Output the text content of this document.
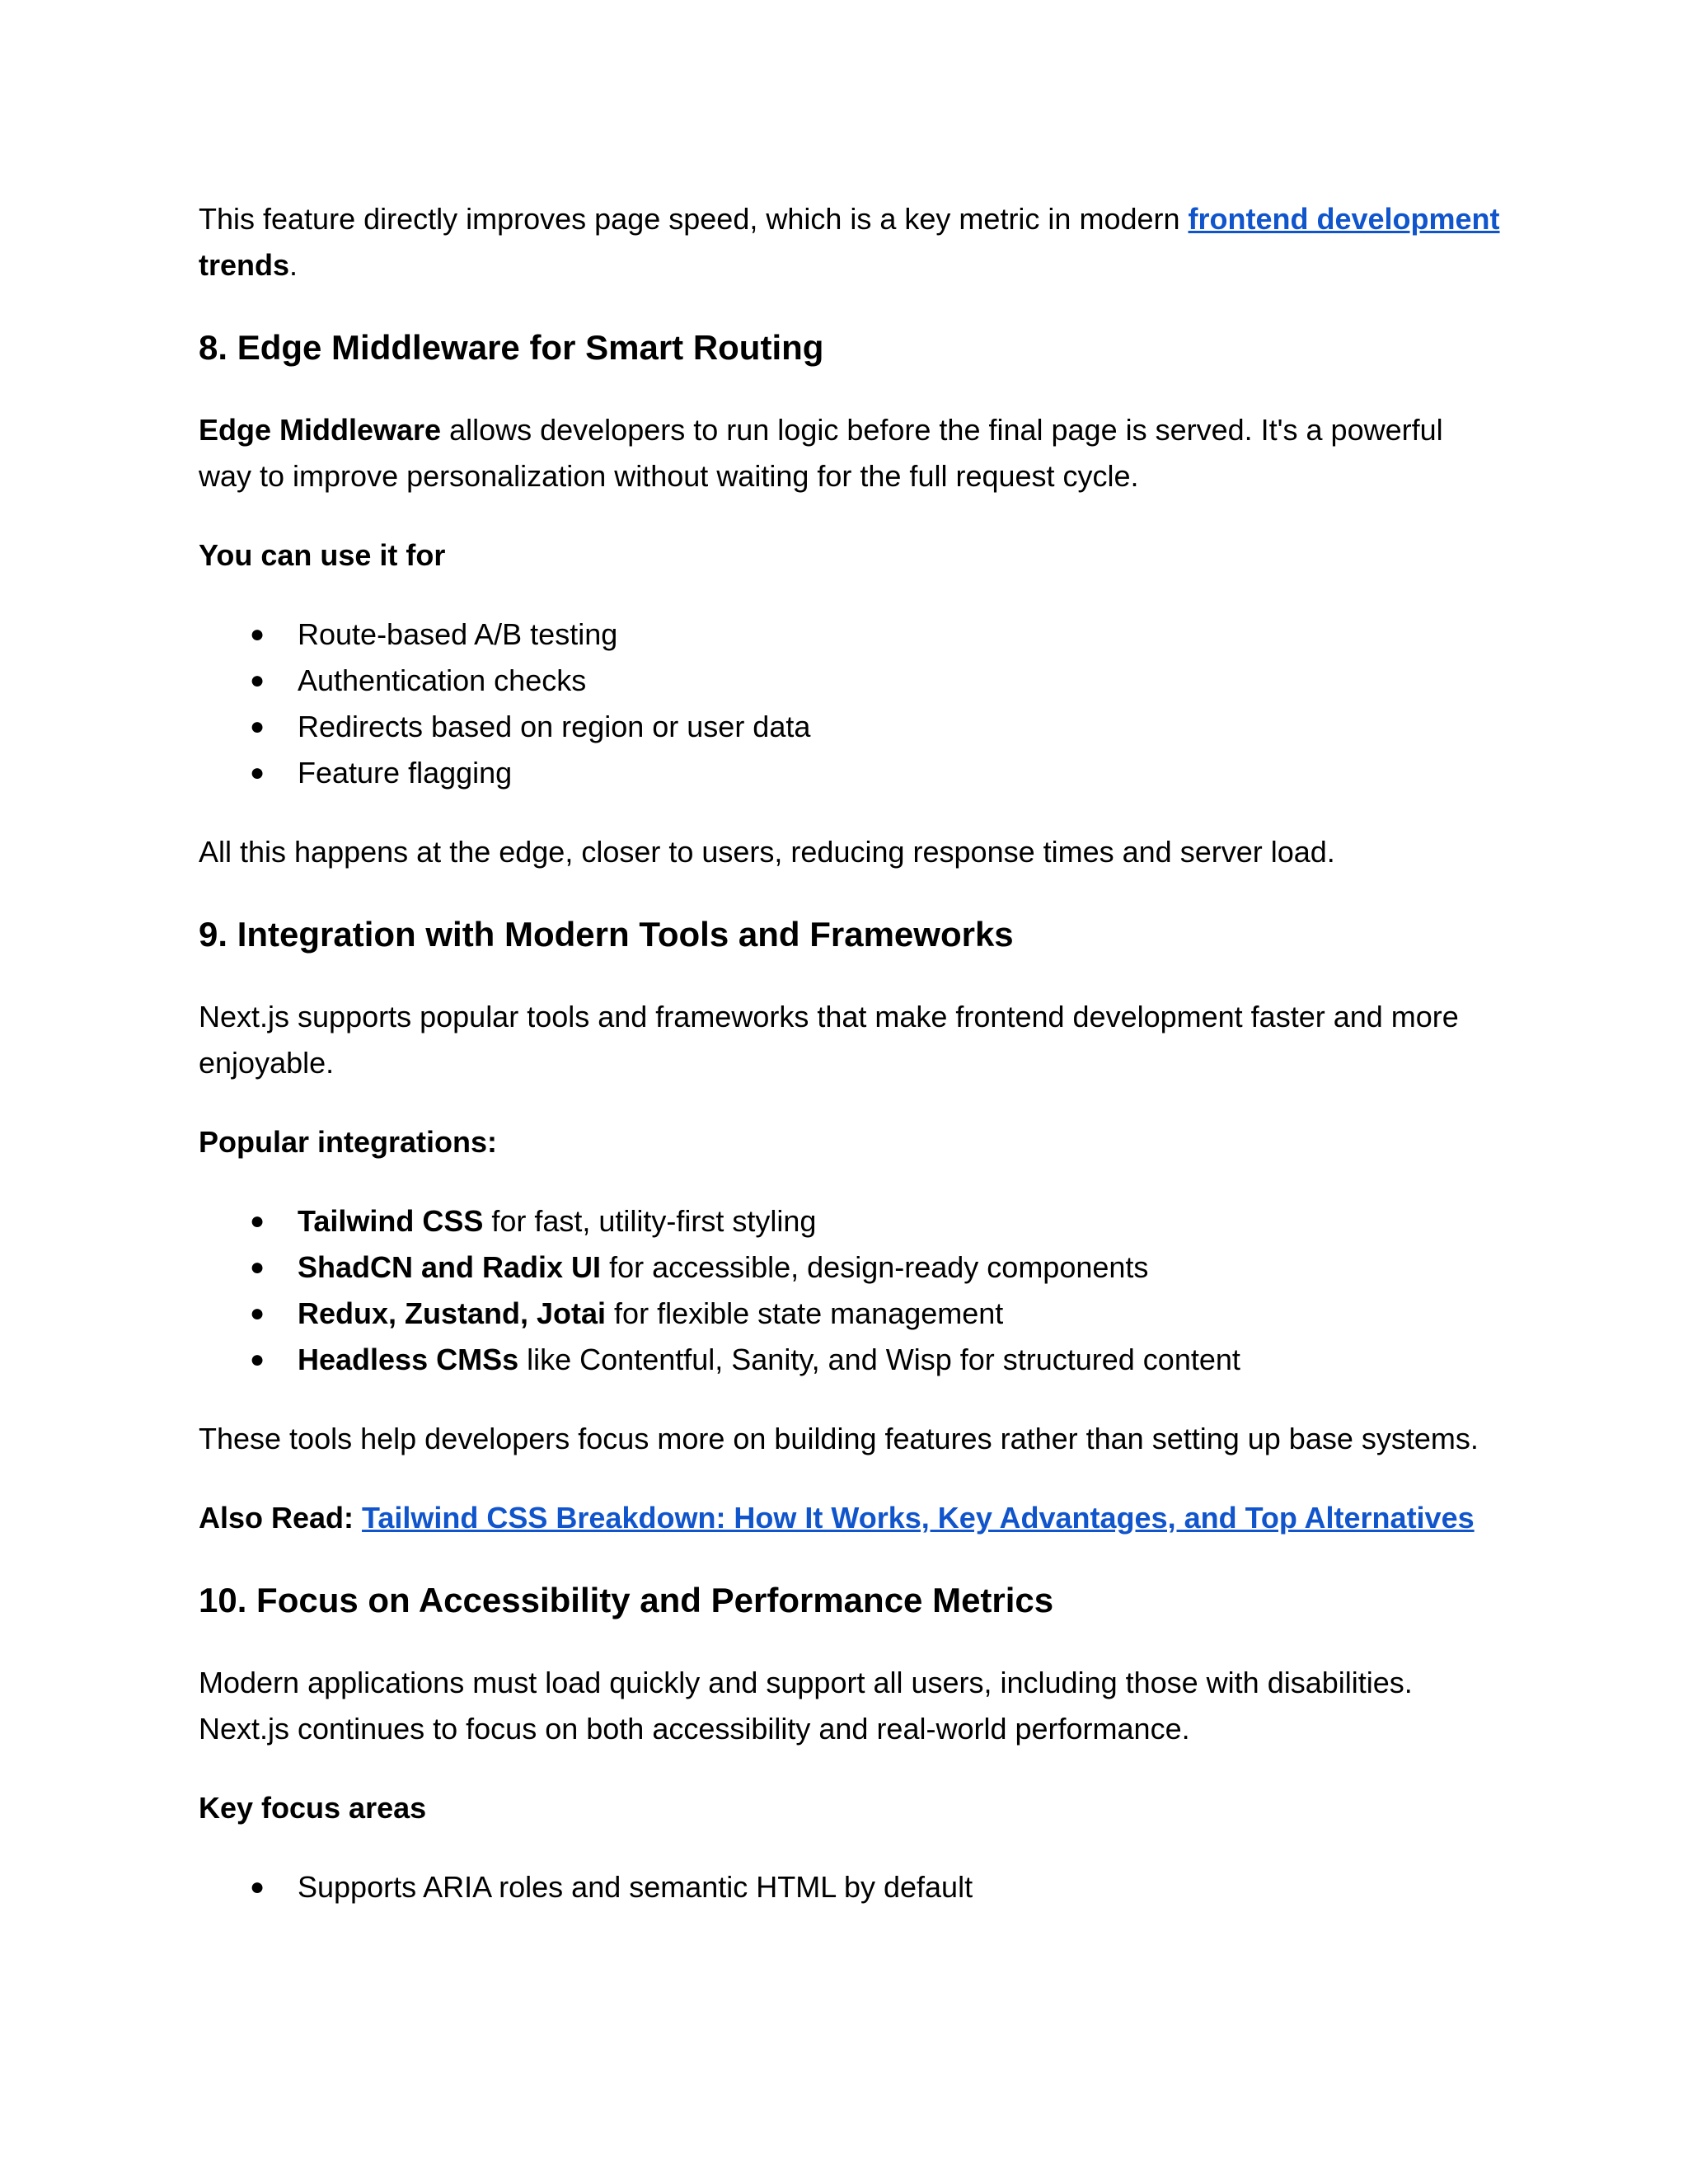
This feature directly improves page speed, which is a key metric in modern frontend development trends.

8. Edge Middleware for Smart Routing

Edge Middleware allows developers to run logic before the final page is served. It's a powerful way to improve personalization without waiting for the full request cycle.

You can use it for

● Route-based A/B testing
● Authentication checks
● Redirects based on region or user data
● Feature flagging

All this happens at the edge, closer to users, reducing response times and server load.

9. Integration with Modern Tools and Frameworks

Next.js supports popular tools and frameworks that make frontend development faster and more enjoyable.

Popular integrations:

● Tailwind CSS for fast, utility-first styling
● ShadCN and Radix UI for accessible, design-ready components
● Redux, Zustand, Jotai for flexible state management
● Headless CMSs like Contentful, Sanity, and Wisp for structured content

These tools help developers focus more on building features rather than setting up base systems.

Also Read: Tailwind CSS Breakdown: How It Works, Key Advantages, and Top Alternatives

10. Focus on Accessibility and Performance Metrics

Modern applications must load quickly and support all users, including those with disabilities. Next.js continues to focus on both accessibility and real-world performance.

Key focus areas

● Supports ARIA roles and semantic HTML by default
